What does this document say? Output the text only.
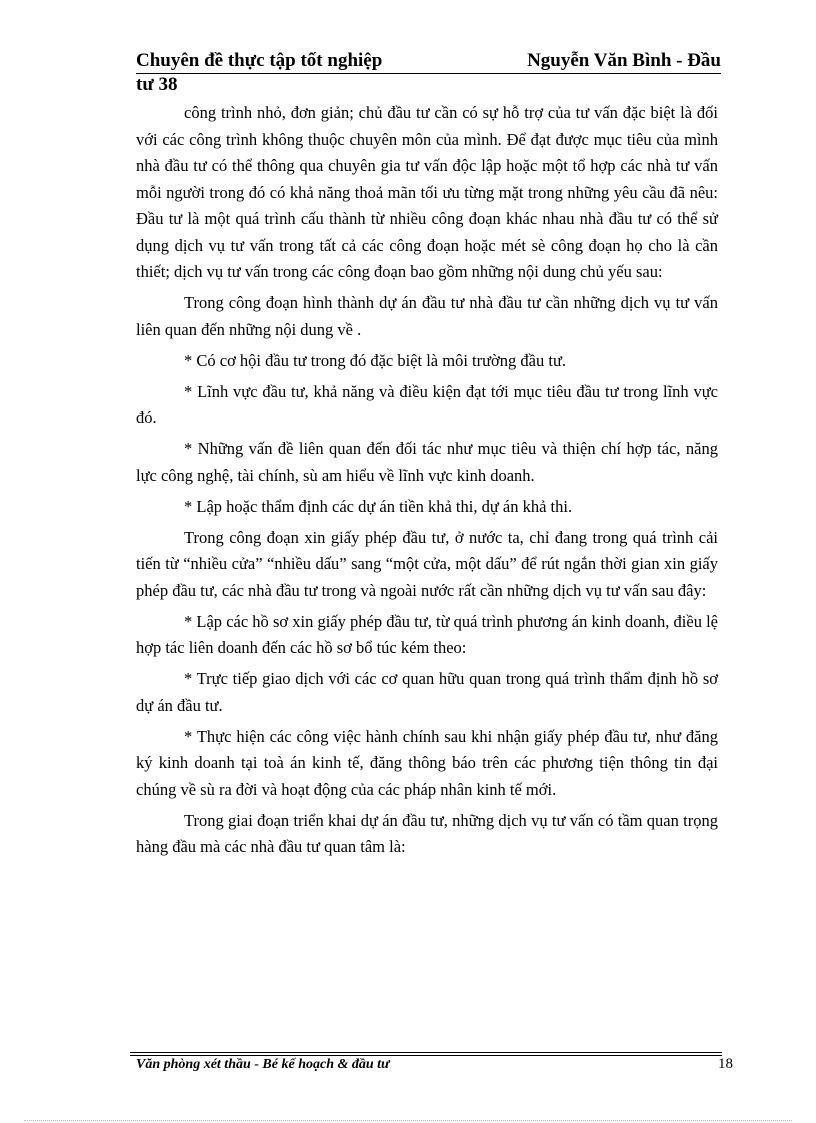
Chuyên đề thực tập tốt nghiệp	Nguyễn Văn Bình - Đầu
tư 38

công trình nhỏ, đơn giản; chủ đầu tư cần có sự hỗ trợ của tư vấn đặc biệt là đối với các công trình không thuộc chuyên môn của mình. Để đạt được mục tiêu của mình nhà đầu tư có thể thông qua chuyên gia tư vấn độc lập hoặc một tổ hợp các nhà tư vấn mỗi người trong đó có khả năng thoả mãn tối ưu từng mặt trong những yêu cầu đã nêu: Đầu tư là một quá trình cấu thành từ nhiều công đoạn khác nhau nhà đầu tư có thể sử dụng dịch vụ tư vấn trong tất cả các công đoạn hoặc mét sè công đoạn họ cho là cần thiết; dịch vụ tư vấn trong các công đoạn bao gồm những nội dung chủ yếu sau:

Trong công đoạn hình thành dự án đầu tư nhà đầu tư cần những dịch vụ tư vấn liên quan đến những nội dung về .

* Có cơ hội đầu tư trong đó đặc biệt là môi trường đầu tư.

* Lĩnh vực đầu tư, khả năng và điều kiện đạt tới mục tiêu đầu tư trong lĩnh vực đó.

* Những vấn đề liên quan đến đối tác như mục tiêu và thiện chí hợp tác, năng lực công nghệ, tài chính, sù am hiểu về lĩnh vực kinh doanh.

* Lập hoặc thẩm định các dự án tiền khả thi, dự án khả thi.

Trong công đoạn xin giấy phép đầu tư, ở nước ta, chỉ đang trong quá trình cải tiến từ “nhiều cửa” “nhiều dấu” sang “một cửa, một dấu” để rút ngắn thời gian xin giấy phép đầu tư, các nhà đầu tư trong và ngoài nước rất cần những dịch vụ tư vấn sau đây:

* Lập các hồ sơ xin giấy phép đầu tư, từ quá trình phương án kinh doanh, điều lệ hợp tác liên doanh đến các hồ sơ bổ túc kém theo:

* Trực tiếp giao dịch với các cơ quan hữu quan trong quá trình thẩm định hồ sơ dự án đầu tư.

* Thực hiện các công việc hành chính sau khi nhận giấy phép đầu tư, như đăng ký kinh doanh tại toà án kinh tế, đăng thông báo trên các phương tiện thông tin đại chúng về sù ra đời và hoạt động của các pháp nhân kinh tế mới.

Trong giai đoạn triển khai dự án đầu tư, những dịch vụ tư vấn có tầm quan trọng hàng đầu mà các nhà đầu tư quan tâm là:

Văn phòng xét thầu - Bé kế hoạch & đầu tư	18
